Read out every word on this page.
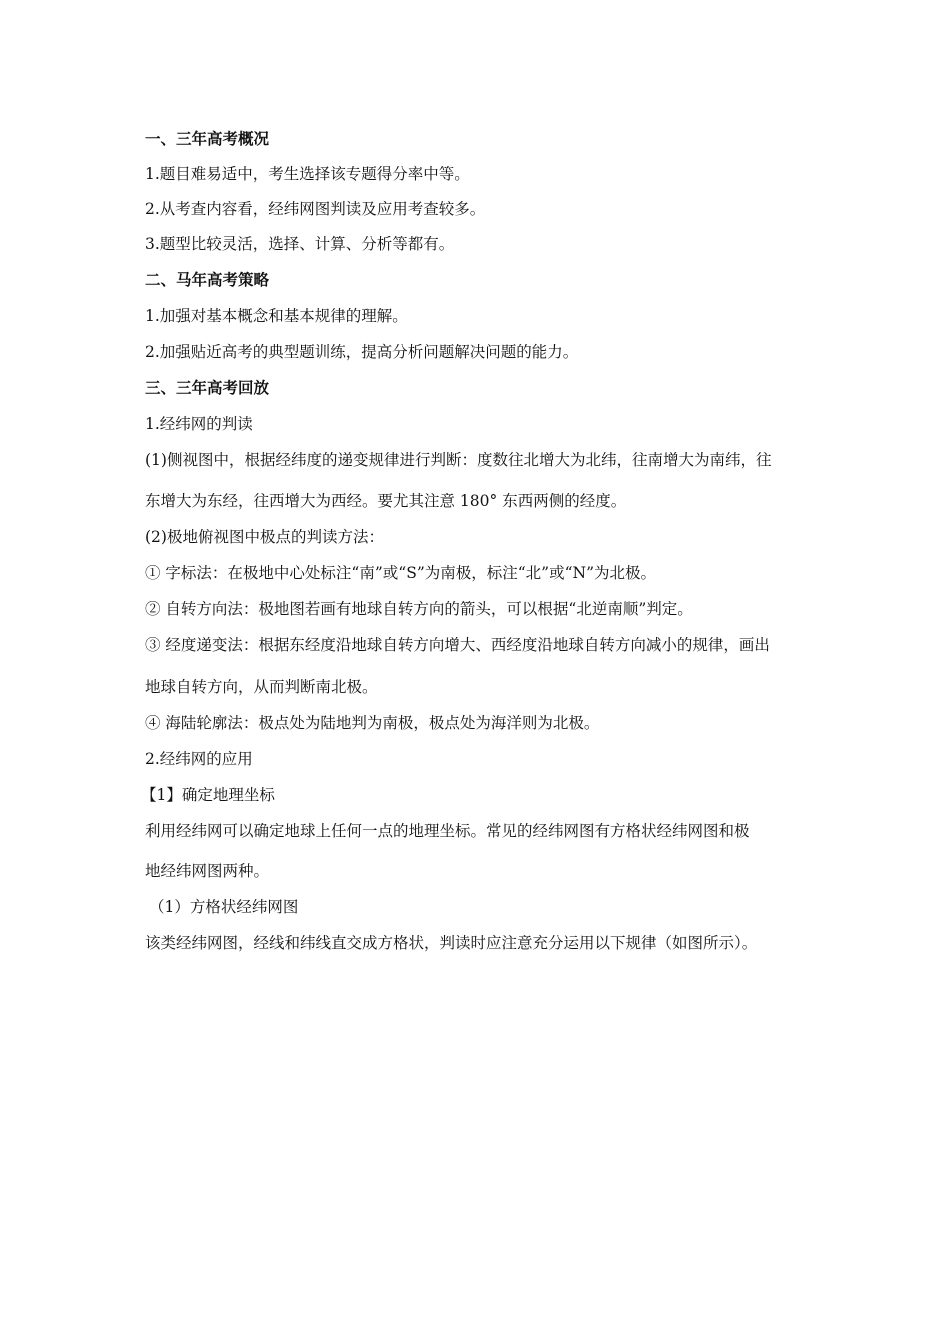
一、三年高考概况
1.题目难易适中，考生选择该专题得分率中等。
2.从考查内容看，经纬网图判读及应用考查较多。
3.题型比较灵活，选择、计算、分析等都有。
二、马年高考策略
1.加强对基本概念和基本规律的理解。
2.加强贴近高考的典型题训练，提高分析问题解决问题的能力。
三、三年高考回放
1.经纬网的判读
(1)侧视图中，根据经纬度的递变规律进行判断：度数往北增大为北纬，往南增大为南纬，往
东增大为东经，往西增大为西经。要尤其注意 180° 东西两侧的经度。
(2)极地俯视图中极点的判读方法：
① 字标法：在极地中心处标注“南”或“S”为南极，标注“北”或“N”为北极。
② 自转方向法：极地图若画有地球自转方向的箭头，可以根据“北逆南顺”判定。
③ 经度递变法：根据东经度沿地球自转方向增大、西经度沿地球自转方向减小的规律，画出
地球自转方向，从而判断南北极。
④ 海陆轮廓法：极点处为陆地判为南极，极点处为海洋则为北极。
2.经纬网的应用
【1】确定地理坐标
利用经纬网可以确定地球上任何一点的地理坐标。常见的经纬网图有方格状经纬网图和极
地经纬网图两种。
（1）方格状经纬网图
该类经纬网图，经线和纬线直交成方格状，判读时应注意充分运用以下规律（如图所示）。
